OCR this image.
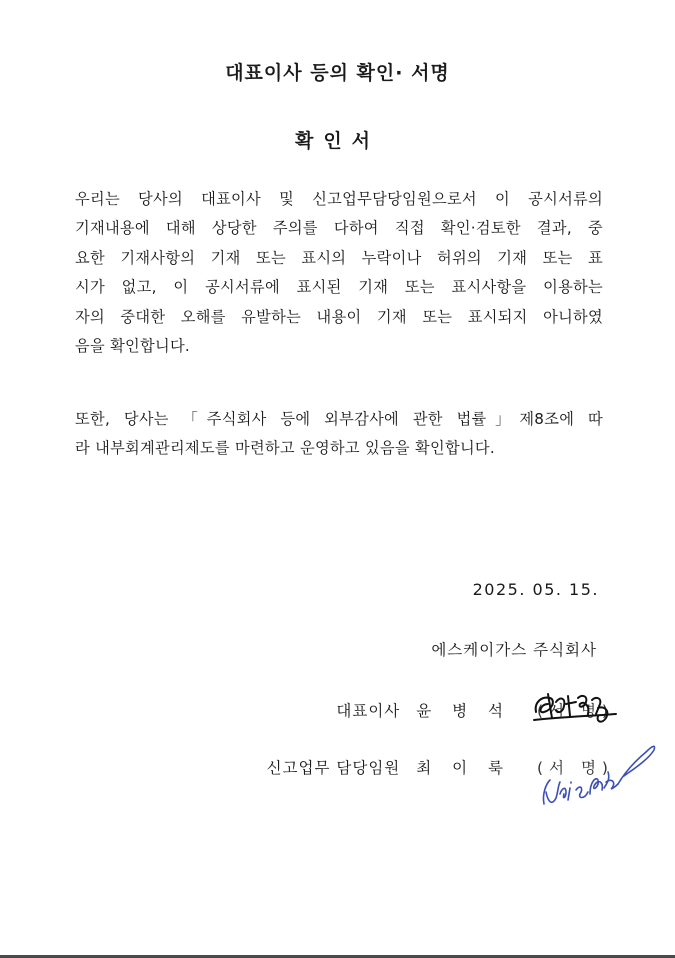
대표이사 등의 확인· 서명
확인서

우리는 당사의 대표이사 및 신고업무담당임원으로서 이 공시서류의
기재내용에 대해 상당한 주의를 다하여 직접 확인·검토한 결과, 중
요한 기재사항의 기재 또는 표시의 누락이나 허위의 기재 또는 표
시가 없고, 이 공시서류에 표시된 기재 또는 표시사항을 이용하는
자의 중대한 오해를 유발하는 내용이 기재 또는 표시되지 아니하였
음을 확인합니다.

또한, 당사는 「주식회사 등에 외부감사에 관한 법률」제8조에 따
라 내부회계관리제도를 마련하고 운영하고 있음을 확인합니다.

2025. 05. 15.
에스케이가스 주식회사
대표이사 윤 병 석 (서 명)
신고업무 담당임원 최 이 룩 (서 명)
